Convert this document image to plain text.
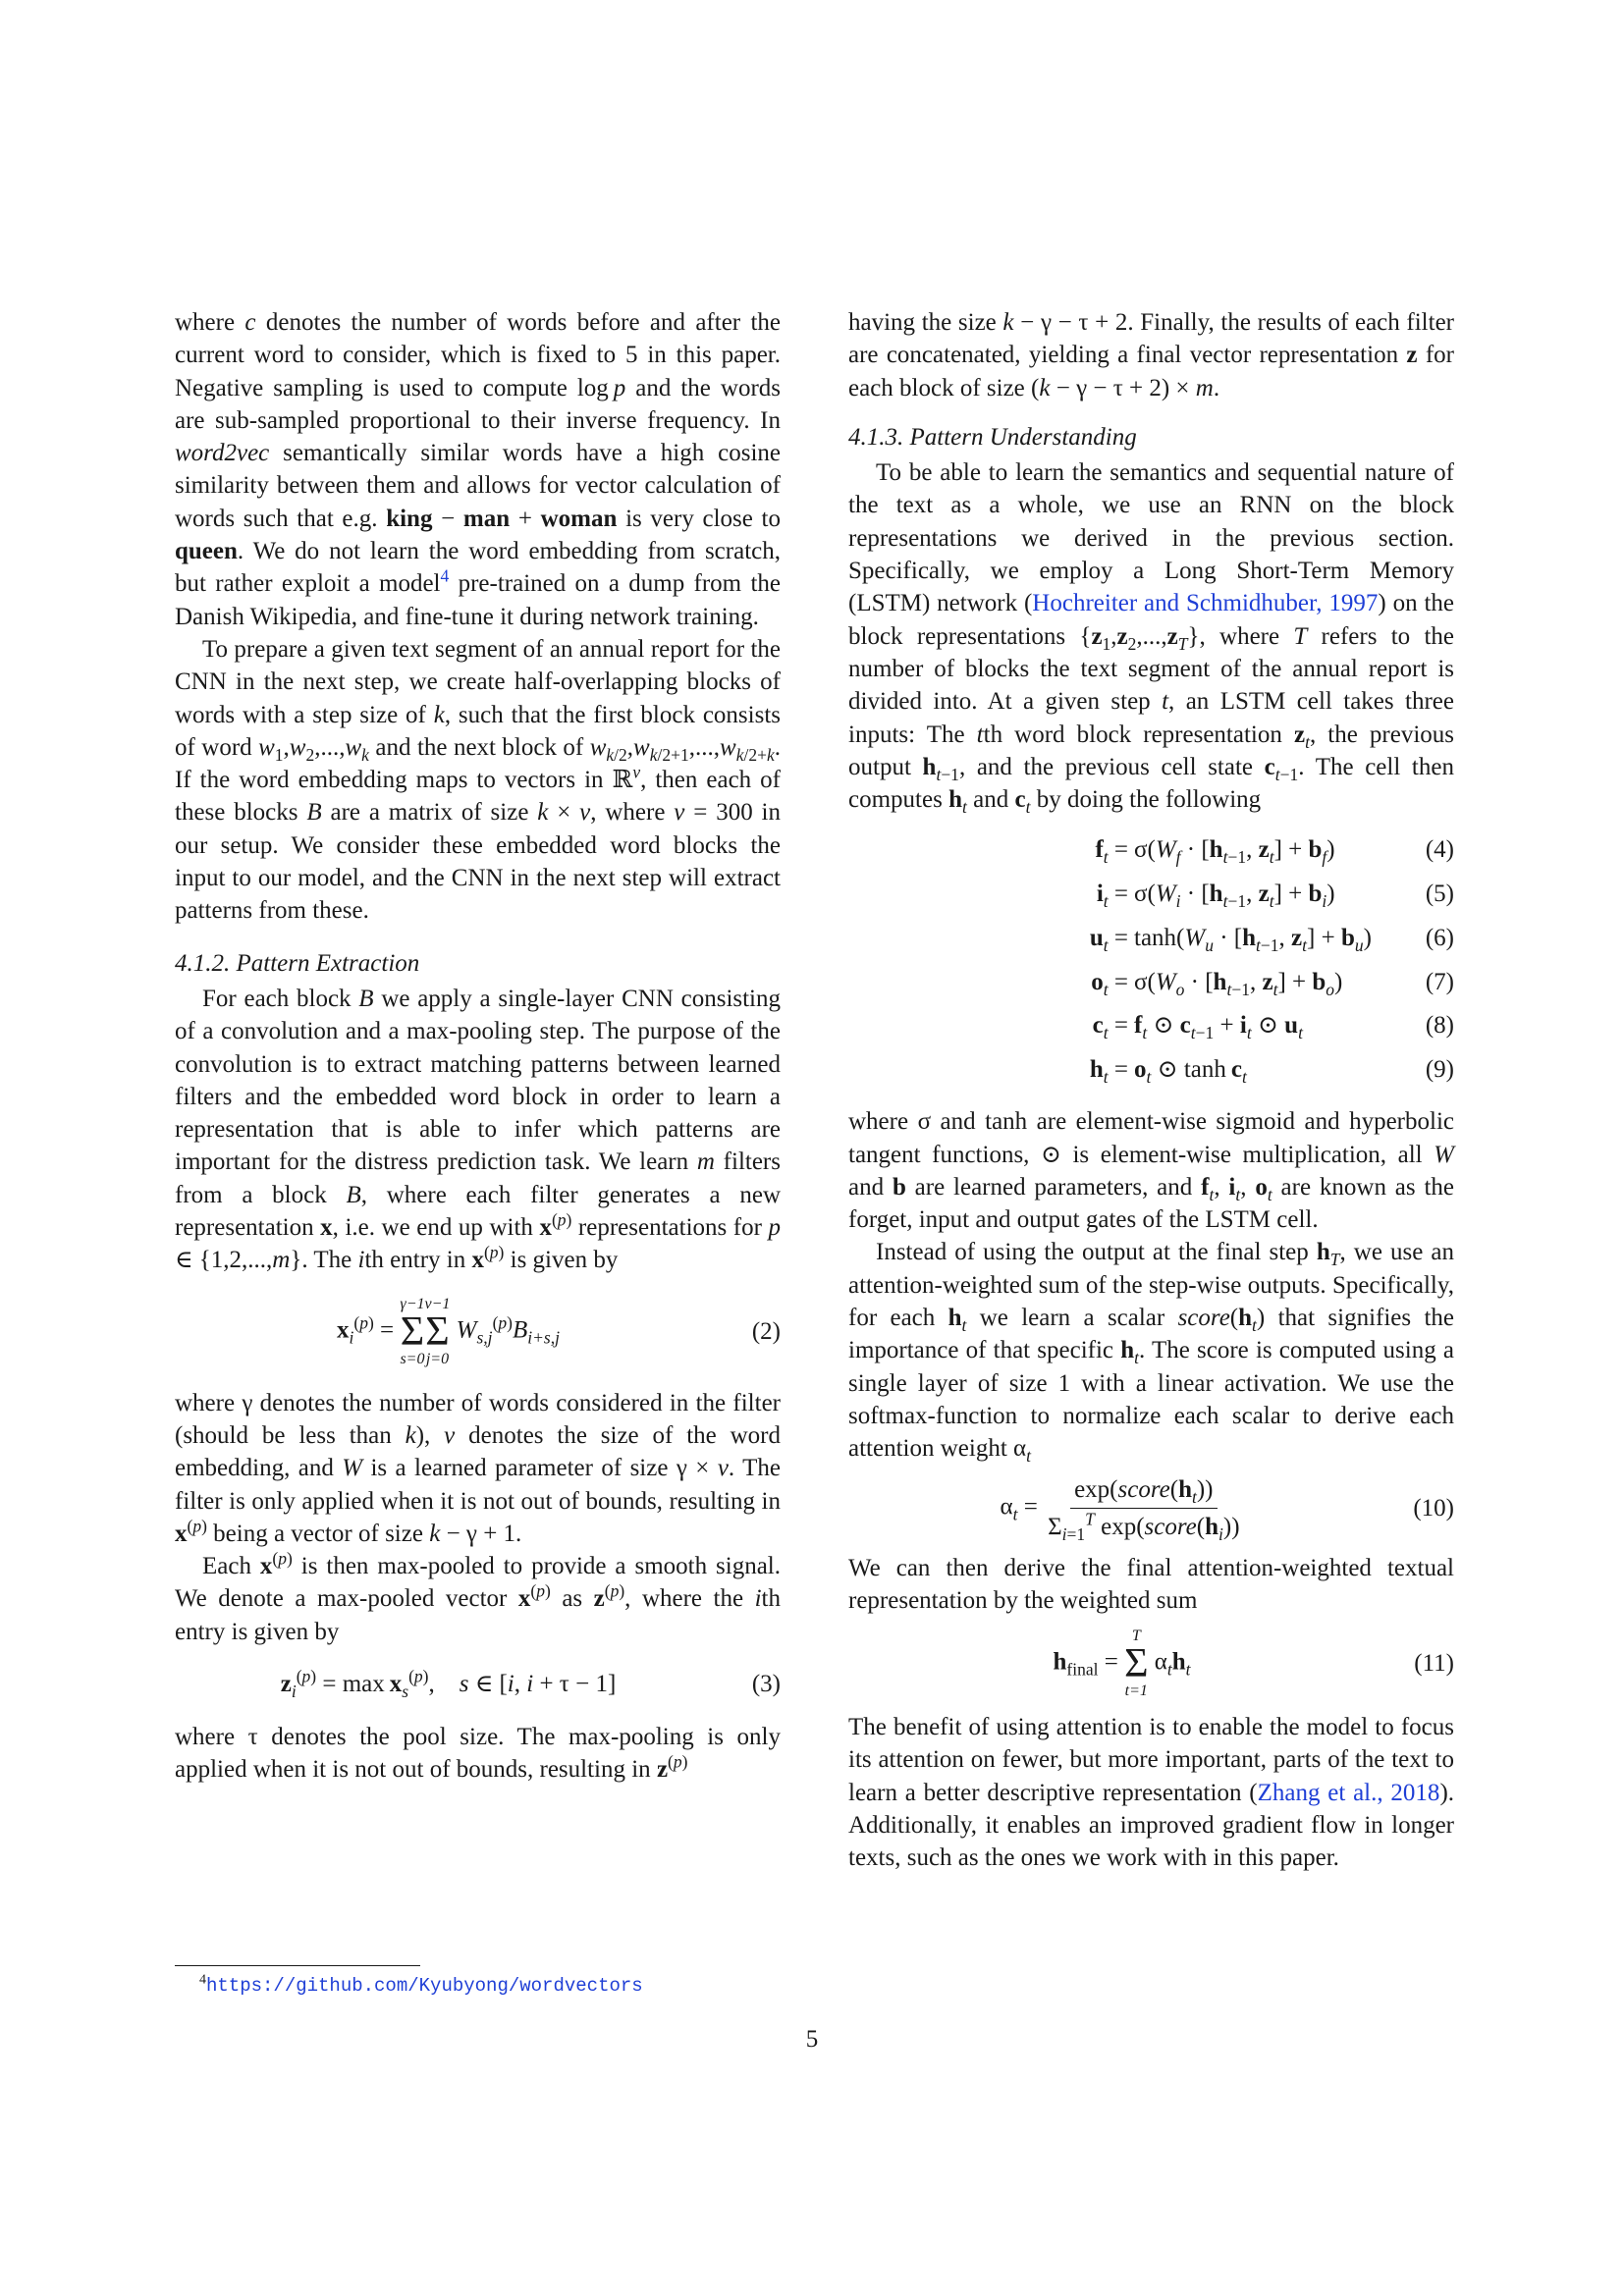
where c denotes the number of words before and after the current word to consider, which is fixed to 5 in this paper. Negative sampling is used to compute log p and the words are sub-sampled proportional to their inverse frequency. In word2vec semantically similar words have a high cosine similarity between them and allows for vector calculation of words such that e.g. king − man + woman is very close to queen. We do not learn the word embedding from scratch, but rather exploit a model$^4$ pre-trained on a dump from the Danish Wikipedia, and fine-tune it during network training.

To prepare a given text segment of an annual report for the CNN in the next step, we create half-overlapping blocks of words with a step size of k, such that the first block consists of word $w_1,w_2,...,w_k$ and the next block of $w_{k/2},w_{k/2+1},...,w_{k/2+k}$. If the word embedding maps to vectors in ℝ$^v$, then each of these blocks B are a matrix of size k × v, where v = 300 in our setup. We consider these embedded word blocks the input to our model, and the CNN in the next step will extract patterns from these.

4.1.2. Pattern Extraction

For each block B we apply a single-layer CNN consisting of a convolution and a max-pooling step. The purpose of the convolution is to extract matching patterns between learned filters and the embedded word block in order to learn a representation that is able to infer which patterns are important for the distress prediction task. We learn m filters from a block B, where each filter generates a new representation x, i.e. we end up with $x^{(p)}$ representations for p ∈ {1,2,...,m}. The ith entry in $x^{(p)}$ is given by

$x_i^{(p)}$ =
γ−1
Σ
s=0
v−1
Σ
j=0
$W_{s,j}^{(p)}B_{i+s,j}$	(2)

where γ denotes the number of words considered in the filter (should be less than k), v denotes the size of the word embedding, and W is a learned parameter of size γ × v. The filter is only applied when it is not out of bounds, resulting in $x^{(p)}$ being a vector of size k − γ + 1.

Each $x^{(p)}$ is then max-pooled to provide a smooth signal. We denote a max-pooled vector $x^{(p)}$ as $z^{(p)}$, where the ith entry is given by

$z_i^{(p)} = \max x_s^{(p)}$,    s ∈ [i, i + τ − 1]	(3)

where τ denotes the pool size. The max-pooling is only applied when it is not out of bounds, resulting in $z^{(p)}$

having the size k − γ − τ + 2. Finally, the results of each filter are concatenated, yielding a final vector representation z for each block of size (k − γ − τ + 2) × m.

4.1.3. Pattern Understanding

To be able to learn the semantics and sequential nature of the text as a whole, we use an RNN on the block representations we derived in the previous section. Specifically, we employ a Long Short-Term Memory (LSTM) network (Hochreiter and Schmidhuber, 1997) on the block representations $\{z_1,z_2,...,z_T\}$, where T refers to the number of blocks the text segment of the annual report is divided into. At a given step t, an LSTM cell takes three inputs: The tth word block representation $z_t$, the previous output $h_{t-1}$, and the previous cell state $c_{t-1}$. The cell then computes $h_t$ and $c_t$ by doing the following

$f_t = \sigma(W_f \cdot [h_{t-1}$, $z_t] + b_f$)	(4)
$i_t = \sigma(W_i \cdot [h_{t-1}$, $z_t] + b_i$)	(5)
$u_t = \tanh(W_u \cdot [h_{t-1}$, $z_t] + b_u$)	(6)
$o_t = \sigma(W_o \cdot [h_{t-1}$, $z_t] + b_o$)	(7)
$c_t = f_t$ ⊙ $c_{t-1} + i_t$ ⊙ $u_t$	(8)
$h_t = o_t$ ⊙ $\tanh c_t$	(9)

where σ and tanh are element-wise sigmoid and hyperbolic tangent functions, ⊙ is element-wise multiplication, all W and b are learned parameters, and $f_t$, $i_t$, $o_t$ are known as the forget, input and output gates of the LSTM cell.

Instead of using the output at the final step $h_T$, we use an attention-weighted sum of the step-wise outputs. Specifically, for each $h_t$ we learn a scalar $score(h_t)$ that signifies the importance of that specific $h_t$. The score is computed using a single layer of size 1 with a linear activation. We use the softmax-function to normalize each scalar to derive each attention weight $\alpha_t$

$\alpha_t = \frac{\exp(score(h_t))}{\Sigma_{i=1}^T \exp(score(h_i))}$	(10)

We can then derive the final attention-weighted textual representation by the weighted sum

$h_{final}$ =
T
Σ
t=1
$\alpha_th_t$	(11)

The benefit of using attention is to enable the model to focus its attention on fewer, but more important, parts of the text to learn a better descriptive representation (Zhang et al., 2018). Additionally, it enables an improved gradient flow in longer texts, such as the ones we work with in this paper.

$^4$https://github.com/Kyubyong/wordvectors
5
